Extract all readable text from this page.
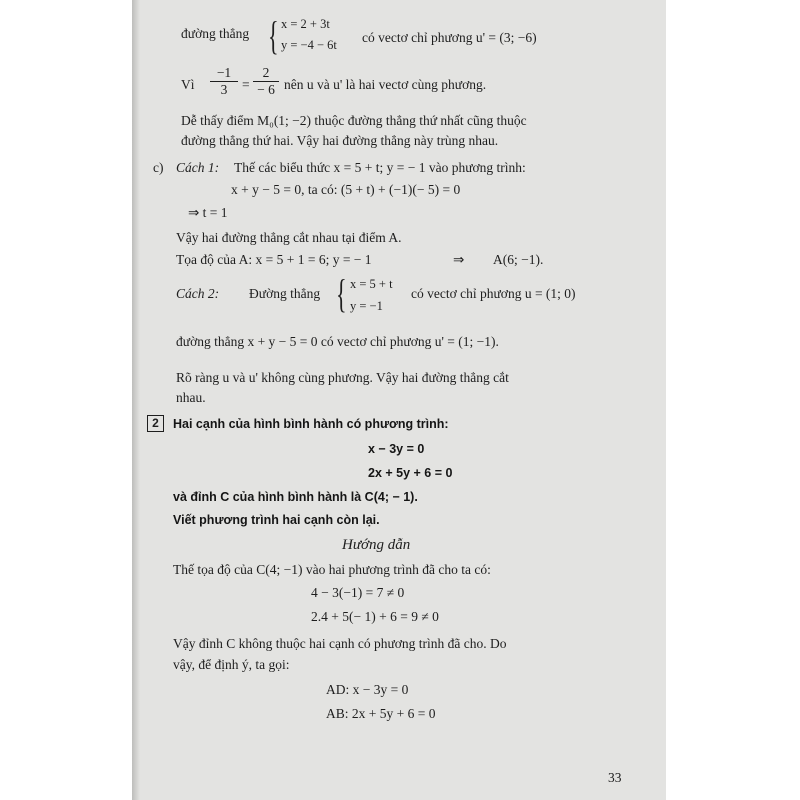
đường thẳng { x = 2 + 3t
y = −4 − 6t có vectơ chỉ phương u' = (3; −6)
Vì $\frac{-1}{3} = \frac{2}{- 6}$ nên u và u' là hai vectơ cùng phương.
Dễ thấy điểm M₀(1; −2) thuộc đường thẳng thứ nhất cũng thuộc
đường thẳng thứ hai. Vậy hai đường thẳng này trùng nhau.
c) Cách 1: Thế các biểu thức x = 5 + t; y = − 1 vào phương trình:
x + y − 5 = 0, ta có: (5 + t) + (−1)(− 5) = 0
⇒ t = 1
Vậy hai đường thẳng cắt nhau tại điểm A.
Tọa độ của A: x = 5 + 1 = 6; y = − 1	⇒ A(6; −1).
Cách 2: Đường thẳng { x = 5 + t
y = −1
có vectơ chỉ phương u = (1; 0)
đường thẳng x + y − 5 = 0 có vectơ chỉ phương u' = (1; −1).
Rõ ràng u và u' không cùng phương. Vậy hai đường thẳng cắt
nhau.
2	Hai cạnh của hình bình hành có phương trình:
x − 3y = 0
2x + 5y + 6 = 0
và đỉnh C của hình bình hành là C(4; − 1).
Viết phương trình hai cạnh còn lại.
Hướng dẫn
Thế tọa độ của C(4; −1) vào hai phương trình đã cho ta có:
4 − 3(−1) = 7 ≠ 0
2.4 + 5(− 1) + 6 = 9 ≠ 0
Vậy đỉnh C không thuộc hai cạnh có phương trình đã cho. Do
vậy, để định ý, ta gọi:
AD: x − 3y = 0
AB: 2x + 5y + 6 = 0
33
